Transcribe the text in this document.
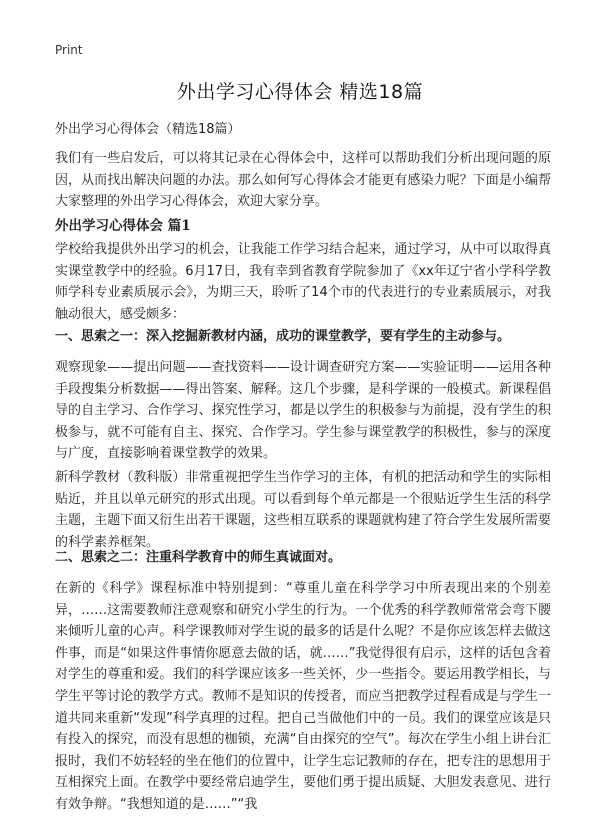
Print
外出学习心得体会 精选18篇
外出学习心得体会（精选18篇）
我们有一些启发后，可以将其记录在心得体会中，这样可以帮助我们分析出现问题的原因，从而找出解决问题的办法。那么如何写心得体会才能更有感染力呢？下面是小编帮大家整理的外出学习心得体会，欢迎大家分享。
外出学习心得体会 篇1
学校给我提供外出学习的机会，让我能工作学习结合起来，通过学习，从中可以取得真实课堂教学中的经验。6月17日，我有幸到省教育学院参加了《xx年辽宁省小学科学教师学科专业素质展示会》，为期三天，聆听了14个市的代表进行的专业素质展示，对我触动很大，感受颇多：
一、思索之一：深入挖掘新教材内涵，成功的课堂教学，要有学生的主动参与。
观察现象——提出问题——查找资料——设计调查研究方案——实验证明——运用各种手段搜集分析数据——得出答案、解释。这几个步骤，是科学课的一般模式。新课程倡导的自主学习、合作学习、探究性学习，都是以学生的积极参与为前提，没有学生的积极参与，就不可能有自主、探究、合作学习。学生参与课堂教学的积极性，参与的深度与广度，直接影响着课堂教学的效果。
新科学教材（教科版）非常重视把学生当作学习的主体，有机的把活动和学生的实际相贴近，并且以单元研究的形式出现。可以看到每个单元都是一个很贴近学生生活的科学主题，主题下面又衍生出若干课题，这些相互联系的课题就构建了符合学生发展所需要的科学素养框架。
二、思索之二：注重科学教育中的师生真诚面对。
在新的《科学》课程标准中特别提到：“尊重儿童在科学学习中所表现出来的个别差异，……这需要教师注意观察和研究小学生的行为。一个优秀的科学教师常常会弯下腰来倾听儿童的心声。科学课教师对学生说的最多的话是什么呢？不是你应该怎样去做这件事，而是“如果这件事情你愿意去做的话，就……”我觉得很有启示，这样的话包含着对学生的尊重和爱。我们的科学课应该多一些关怀，少一些指令。要运用教学相长，与学生平等讨论的教学方式。教师不是知识的传授者，而应当把教学过程看成是与学生一道共同来重新“发现”科学真理的过程。把自己当做他们中的一员。我们的课堂应该是只有投入的探究，而没有思想的枷锁，充满“自由探究的空气”。每次在学生小组上讲台汇报时，我们不妨轻轻的坐在他们的位置中，让学生忘记教师的存在，把专注的思想用于互相探究上面。在教学中要经常启迪学生，要他们勇于提出质疑、大胆发表意见、进行有效争辩。“我想知道的是……”“我
